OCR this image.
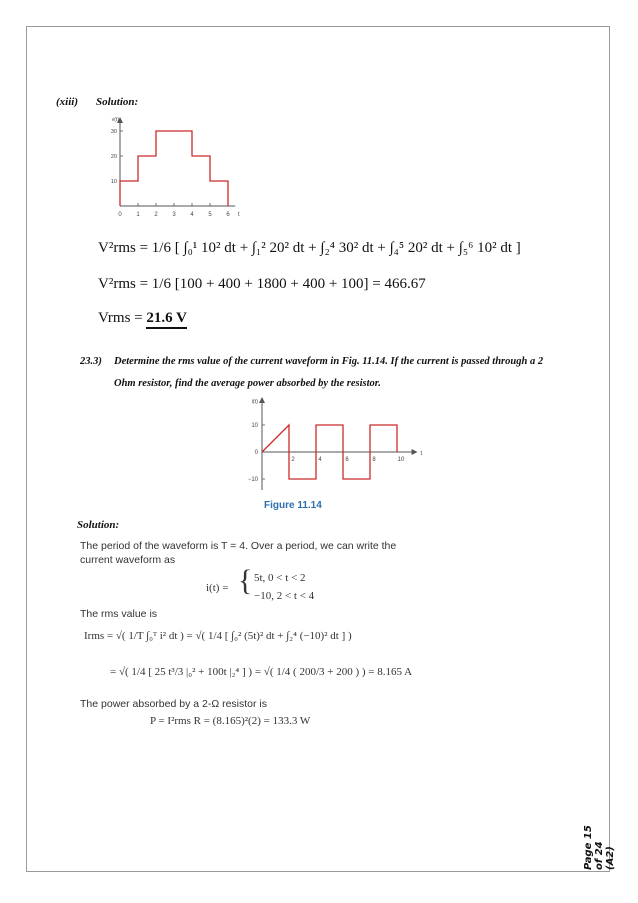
(xiii) Solution:
v(t)
10
20
30
0 1 2 3 4 5 6 t
V²rms = 1/6 [ ∫₀¹ 10² dt + ∫₁² 20² dt + ∫₂⁴ 30² dt + ∫₄⁵ 20² dt + ∫₅⁶ 10² dt ]
V²rms = 1/6 [100 + 400 + 1800 + 400 + 100] = 466.67
Vrms = 21.6 V
23.3) Determine the rms value of the current waveform in Fig. 11.14. If the current is passed through a 2
Ohm resistor, find the average power absorbed by the resistor.
i(t)
t
10
0
−10
2	4	6	8	10
Figure 11.14
Solution:
The period of the waveform is T = 4. Over a period, we can write the
current waveform as
i(t) = { 5t, 0 < t < 2
−10, 2 < t < 4
The rms value is
Irms = √( 1/T ∫₀ᵀ i² dt ) = √( 1/4 [ ∫₀² (5t)² dt + ∫₂⁴ (−10)² dt ] )
= √( 1/4 [ 25 t³/3 |₀² + 100t |₂⁴ ] ) = √( 1/4 ( 200/3 + 200 ) ) = 8.165 A
The power absorbed by a 2-Ω resistor is
P = I²rms R = (8.165)²(2) = 133.3 W
Page 15 of 24 (A2)
